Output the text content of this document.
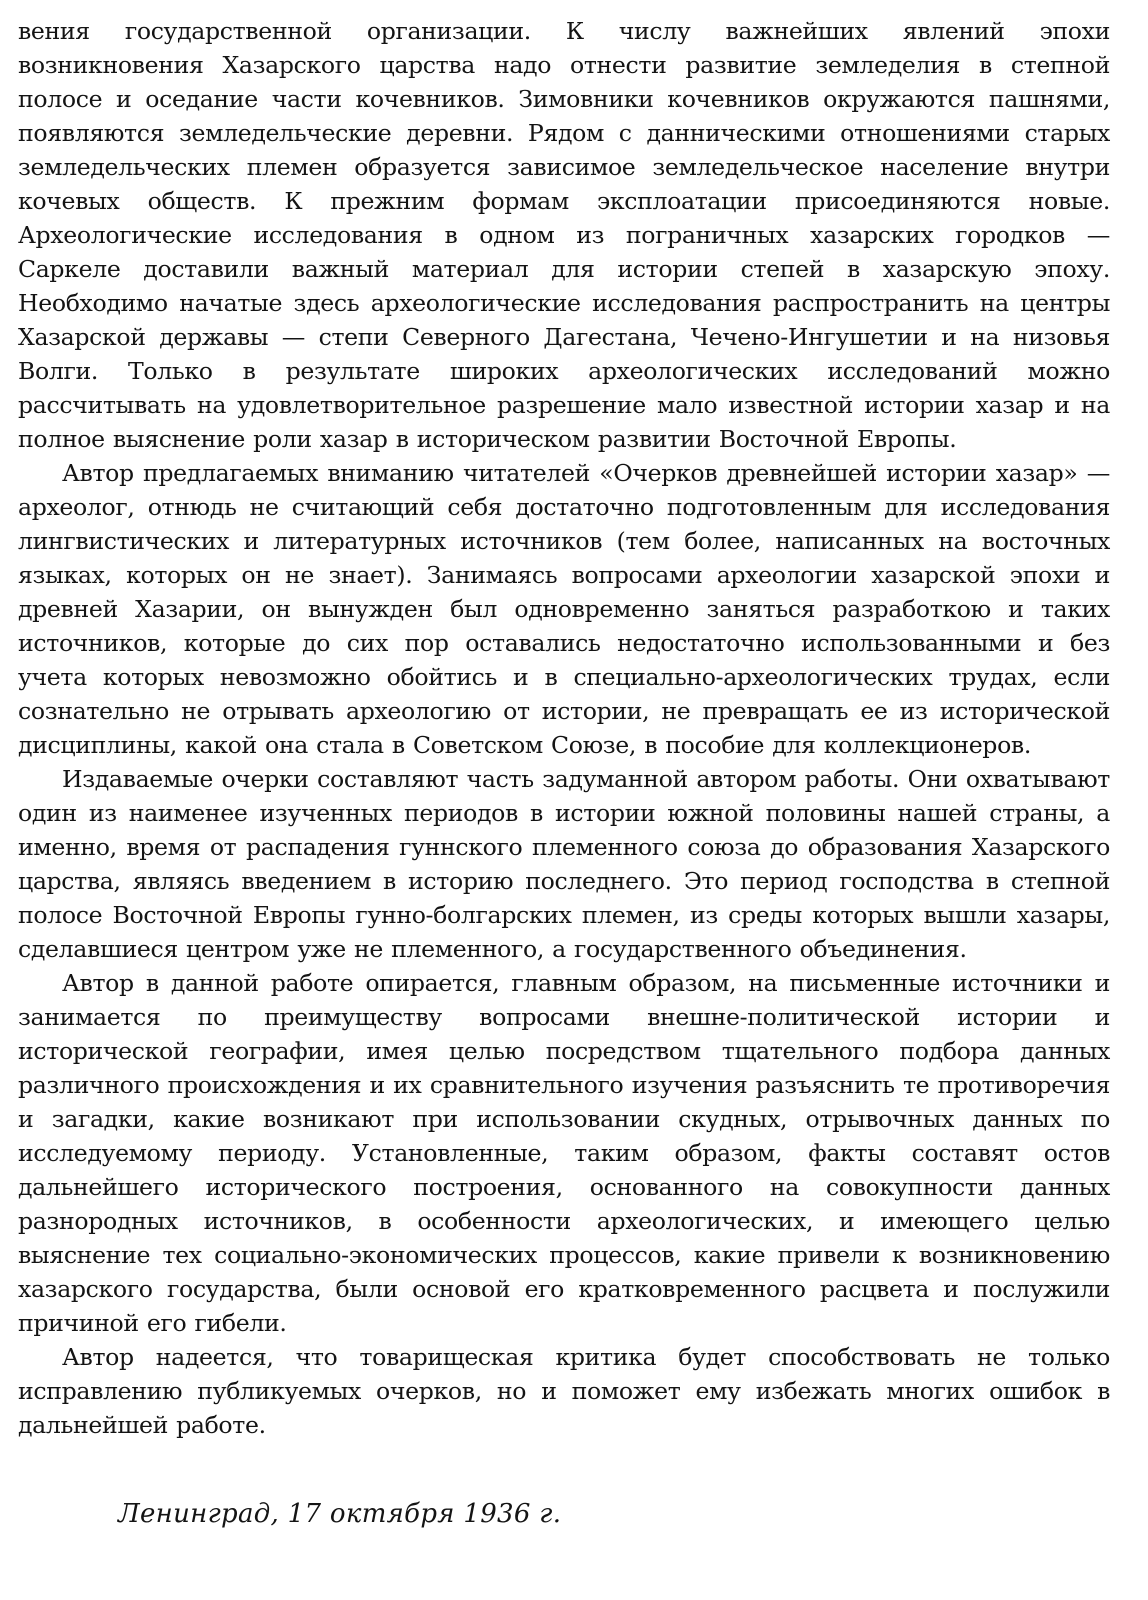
вения государственной организации. К числу важнейших явлений эпохи возникновения Хазарского царства надо отнести развитие земледелия в степной полосе и оседание части кочевников. Зимовники кочевников окружаются пашнями, появляются земледельческие деревни. Рядом с данническими отношениями старых земледельческих племен образуется зависимое земледельческое население внутри кочевых обществ. К прежним формам эксплоатации присоединяются новые. Археологические исследования в одном из пограничных хазарских городков — Саркеле доставили важный материал для истории степей в хазарскую эпоху. Необходимо начатые здесь археологические исследования распространить на центры Хазарской державы — степи Северного Дагестана, Чечено-Ингушетии и на низовья Волги. Только в результате широких археологических исследований можно рассчитывать на удовлетворительное разрешение мало известной истории хазар и на полное выяснение роли хазар в историческом развитии Восточной Европы.

Автор предлагаемых вниманию читателей «Очерков древнейшей истории хазар» — археолог, отнюдь не считающий себя достаточно подготовленным для исследования лингвистических и литературных источников (тем более, написанных на восточных языках, которых он не знает). Занимаясь вопросами археологии хазарской эпохи и древней Хазарии, он вынужден был одновременно заняться разработкою и таких источников, которые до сих пор оставались недостаточно использованными и без учета которых невозможно обойтись и в специально-археологических трудах, если сознательно не отрывать археологию от истории, не превращать ее из исторической дисциплины, какой она стала в Советском Союзе, в пособие для коллекционеров.

Издаваемые очерки составляют часть задуманной автором работы. Они охватывают один из наименее изученных периодов в истории южной половины нашей страны, а именно, время от распадения гуннского племенного союза до образования Хазарского царства, являясь введением в историю последнего. Это период господства в степной полосе Восточной Европы гунно-болгарских племен, из среды которых вышли хазары, сделавшиеся центром уже не племенного, а государственного объединения.

Автор в данной работе опирается, главным образом, на письменные источники и занимается по преимуществу вопросами внешне-политической истории и исторической географии, имея целью посредством тщательного подбора данных различного происхождения и их сравнительного изучения разъяснить те противоречия и загадки, какие возникают при использовании скудных, отрывочных данных по исследуемому периоду. Установленные, таким образом, факты составят остов дальнейшего исторического построения, основанного на совокупности данных разнородных источников, в особенности археологических, и имеющего целью выяснение тех социально-экономических процессов, какие привели к возникновению хазарского государства, были основой его кратковременного расцвета и послужили причиной его гибели.

Автор надеется, что товарищеская критика будет способствовать не только исправлению публикуемых очерков, но и поможет ему избежать многих ошибок в дальнейшей работе.

Ленинград, 17 октября 1936 г.
